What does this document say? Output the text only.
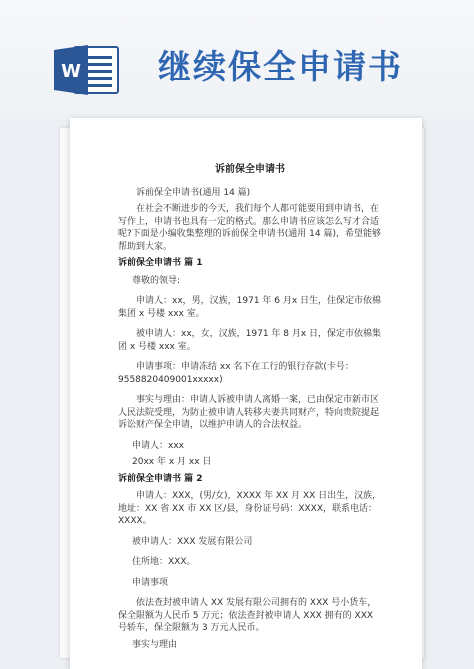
W 继续保全申请书
诉前保全申请书

诉前保全申请书(通用 14 篇)

在社会不断进步的今天，我们每个人都可能要用到申请书，在写作上，申请书也具有一定的格式。那么申请书应该怎么写才合适呢?下面是小编收集整理的诉前保全申请书(通用 14 篇)，希望能够帮助到大家。

诉前保全申请书 篇 1

尊敬的领导:

申请人：xx，男，汉族，1971 年 6 月x 日生，住保定市依棉集团 x 号楼 xxx 室。

被申请人：xx，女，汉族，1971 年 8 月x 日，保定市依棉集团 x 号楼 xxx 室。

申请事项：申请冻结 xx 名下在工行的银行存款(卡号：9558820409001xxxxx)

事实与理由：申请人诉被申请人离婚一案，已由保定市新市区人民法院受理，为防止被申请人转移夫妻共同财产，特向贵院提起诉讼财产保全申请，以维护申请人的合法权益。

申请人：xxx

20xx 年 x 月 xx 日

诉前保全申请书 篇 2

申请人：XXX，(男/女)，XXXX 年 XX 月 XX 日出生，汉族，地址：XX 省 XX 市 XX 区/县，身份证号码：XXXX，联系电话：XXXX。

被申请人：XXX 发展有限公司

住所地：XXX。

申请事项

依法查封被申请人 XX 发展有限公司拥有的 XXX 号小货车，保全限额为人民币 5 万元；依法查封被申请人 XXX 拥有的 XXX 号轿车，保全限额为 3 万元人民币。

事实与理由
